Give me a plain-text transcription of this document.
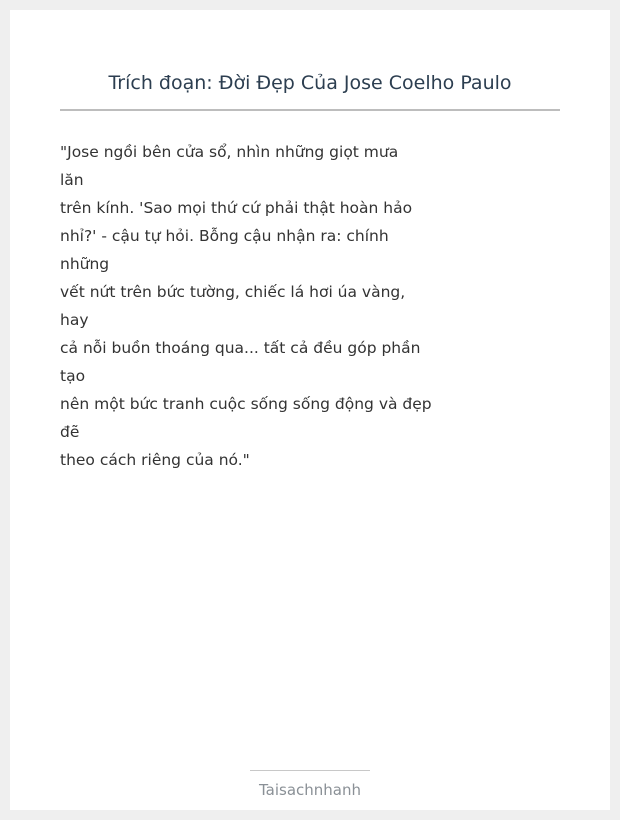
Trích đoạn: Đời Đẹp Của Jose Coelho Paulo
"Jose ngồi bên cửa sổ, nhìn những giọt mưa
lăn
trên kính. 'Sao mọi thứ cứ phải thật hoàn hảo
nhỉ?' - cậu tự hỏi. Bỗng cậu nhận ra: chính
những
vết nứt trên bức tường, chiếc lá hơi úa vàng,
hay
cả nỗi buồn thoáng qua... tất cả đều góp phần
tạo
nên một bức tranh cuộc sống sống động và đẹp
đẽ
theo cách riêng của nó."
Taisachnhanh
